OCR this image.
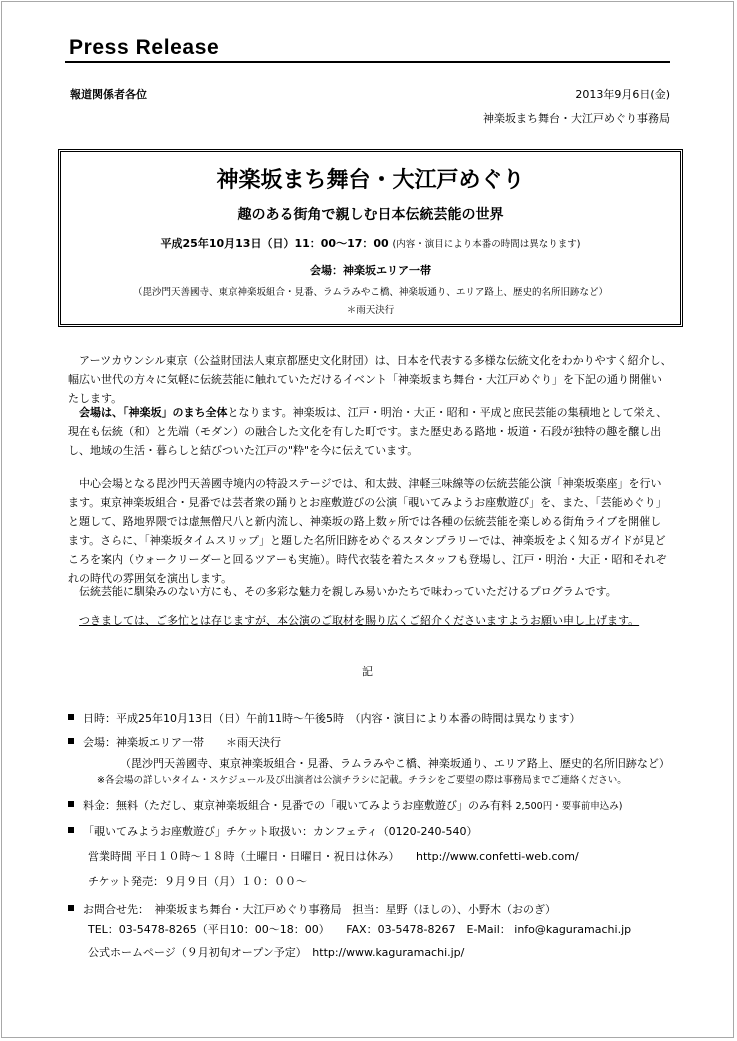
Press Release
報道関係者各位	2013年9月6日(金)
神楽坂まち舞台・大江戸めぐり事務局
神楽坂まち舞台・大江戸めぐり
趣のある街角で親しむ日本伝統芸能の世界
平成25年10月13日（日）11：00～17：00 (内容・演目により本番の時間は異なります)
会場：神楽坂エリア一帯
（毘沙門天善國寺、東京神楽坂組合・見番、ラムラみやこ橋、神楽坂通り、エリア路上、歴史的名所旧跡など）
＊雨天決行
アーツカウンシル東京（公益財団法人東京都歴史文化財団）は、日本を代表する多様な伝統文化をわかりやすく紹介し、幅広い世代の方々に気軽に伝統芸能に触れていただけるイベント「神楽坂まち舞台・大江戸めぐり」を下記の通り開催いたします。
会場は、「神楽坂」のまち全体となります。神楽坂は、江戸・明治・大正・昭和・平成と庶民芸能の集積地として栄え、現在も伝統（和）と先端（モダン）の融合した文化を有した町です。また歴史ある路地・坂道・石段が独特の趣を醸し出し、地域の生活・暮らしと結びついた江戸の"粋"を今に伝えています。
中心会場となる毘沙門天善國寺境内の特設ステージでは、和太鼓、津軽三味線等の伝統芸能公演「神楽坂楽座」を行います。東京神楽坂組合・見番では芸者衆の踊りとお座敷遊びの公演「覗いてみようお座敷遊び」を、また、「芸能めぐり」と題して、路地界隈では虚無僧尺八と新内流し、神楽坂の路上数ヶ所では各種の伝統芸能を楽しめる街角ライブを開催します。さらに、「神楽坂タイムスリップ」と題した名所旧跡をめぐるスタンプラリーでは、神楽坂をよく知るガイドが見どころを案内（ウォークリーダーと回るツアーも実施）。時代衣装を着たスタッフも登場し、江戸・明治・大正・昭和それぞれの時代の雰囲気を演出します。
伝統芸能に馴染みのない方にも、その多彩な魅力を親しみ易いかたちで味わっていただけるプログラムです。
つきましては、ご多忙とは存じますが、本公演のご取材を賜り広くご紹介くださいますようお願い申し上げます。
記
日時：平成25年10月13日（日）午前11時～午後5時　（内容・演目により本番の時間は異なります）
会場：神楽坂エリア一帯　　＊雨天決行
（毘沙門天善國寺、東京神楽坂組合・見番、ラムラみやこ橋、神楽坂通り、エリア路上、歴史的名所旧跡など）
※各会場の詳しいタイム・スケジュール及び出演者は公演チラシに記載。チラシをご要望の際は事務局までご連絡ください。
料金：無料（ただし、東京神楽坂組合・見番での「覗いてみようお座敷遊び」のみ有料 2,500円・要事前申込み)
「覗いてみようお座敷遊び」チケット取扱い：カンフェティ（0120-240-540）
営業時間 平日１０時～１８時（土曜日・日曜日・祝日は休み）　　 http://www.confetti-web.com/
チケット発売：９月９日（月）１０：００～
お問合せ先：　神楽坂まち舞台・大江戸めぐり事務局　担当：星野（ほしの）、小野木（おのぎ）
TEL：03-5478-8265（平日10：00～18：00）　　FAX：03-5478-8267　E-Mail： info@kaguramachi.jp
公式ホームページ（９月初旬オープン予定）　http://www.kaguramachi.jp/
